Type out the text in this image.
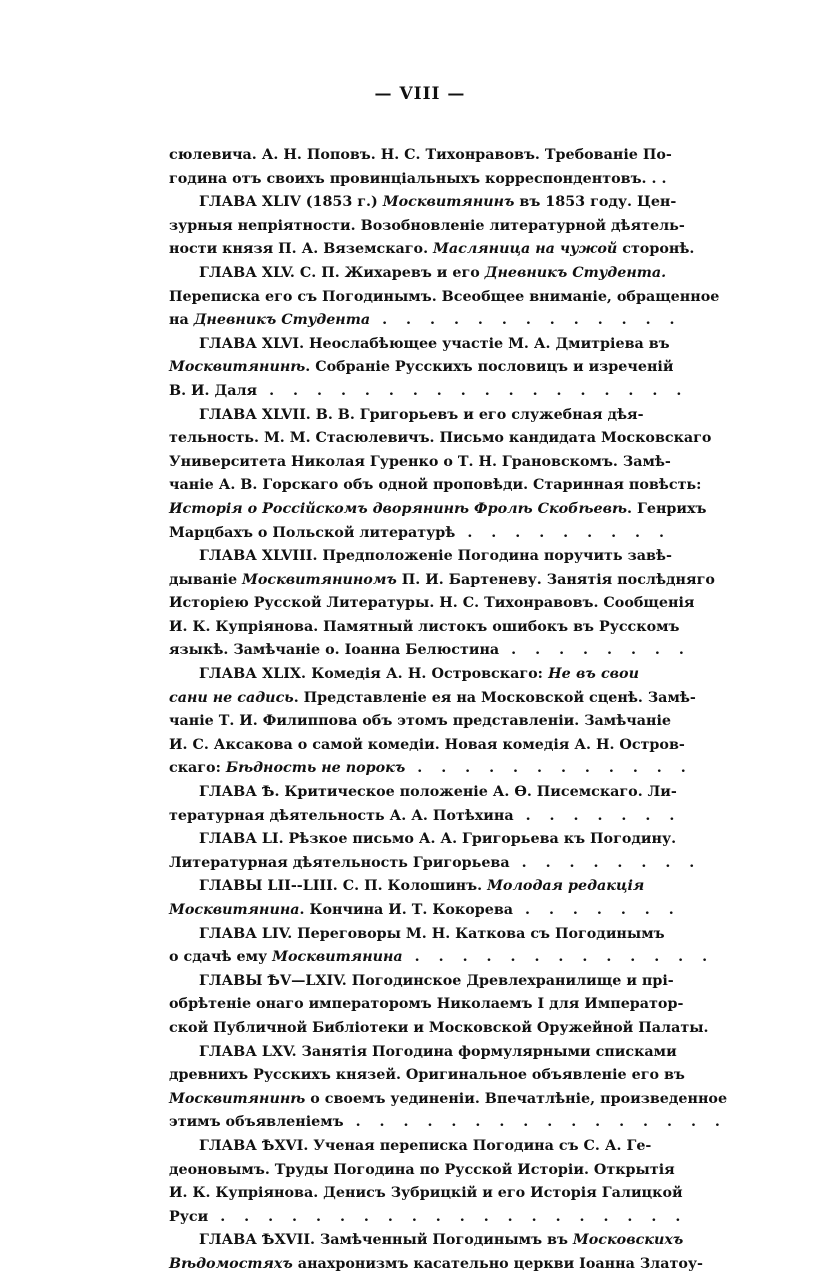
— VIII —
сюлевича. А. Н. Поповъ. Н. С. Тихонравовъ. Требованіе По-
година отъ своихъ провинціальныхъ корреспондентовъ. . .
ГЛАВА XLIV (1853 г.) Москвитянинъ въ 1853 году. Цен-
зурныя непріятности. Возобновленіе литературной дѣятель-
ности князя П. А. Вяземскаго. Масляница на чужой сторонѣ.
ГЛАВА XLV. С. П. Жихаревъ и его Дневникъ Студента.
Переписка его съ Погодинымъ. Всеобщее вниманіе, обращенное
на Дневникъ Студента . . . . . . . . . . . . .
ГЛАВА XLVI. Неослабѣющее участіе М. А. Дмитріева въ
Москвитянинѣ. Собраніе Русскихъ пословицъ и изреченій
В. И. Даля . . . . . . . . . . . . . . . . . .
ГЛАВА XLVII. В. В. Григорьевъ и его служебная дѣя-
тельность. М. М. Стасюлевичъ. Письмо кандидата Московскаго
Университета Николая Гуренко о Т. Н. Грановскомъ. Замѣ-
чаніе А. В. Горскаго объ одной проповѣди. Старинная повѣсть:
Исторія о Россійскомъ дворянинѣ Фролѣ Скобѣевѣ. Генрихъ
Марцбахъ о Польской литературѣ . . . . . . . . .
ГЛАВА XLVIII. Предположеніе Погодина поручить завѣ-
дываніе Москвитяниномъ П. И. Бартеневу. Занятія послѣдняго
Исторіею Русской Литературы. Н. С. Тихонравовъ. Сообщенія
И. К. Купріянова. Памятный листокъ ошибокъ въ Русскомъ
языкѣ. Замѣчаніе о. Іоанна Белюстина . . . . . . . .
ГЛАВА XLIX. Комедія А. Н. Островскаго: Не въ свои
сани не садись. Представленіе ея на Московской сценѣ. Замѣ-
чаніе Т. И. Филиппова объ этомъ представленіи. Замѣчаніе
И. С. Аксакова о самой комедіи. Новая комедія А. Н. Остров-
скаго: Бѣдность не порокъ . . . . . . . . . . . .
ГЛАВА Ѣ. Критическое положеніе А. Ѳ. Писемскаго. Ли-
тературная дѣятельность А. А. Потѣхина . . . . . . .
ГЛАВА LI. Рѣзкое письмо А. А. Григорьева къ Погодину.
Литературная дѣятельность Григорьева . . . . . . . .
ГЛАВЫ LII--LIII. С. П. Колошинъ. Молодая редакція
Москвитянина. Кончина И. Т. Кокорева . . . . . . .
ГЛАВА LIV. Переговоры М. Н. Каткова съ Погодинымъ
о сдачѣ ему Москвитянина . . . . . . . . . . . . .
ГЛАВЫ ѢV—LXIV. Погодинское Древлехранилище и прі-
обрѣтеніе онаго императоромъ Николаемъ I для Император-
ской Публичной Библіотеки и Московской Оружейной Палаты.
ГЛАВА LXV. Занятія Погодина формулярными списками
древнихъ Русскихъ князей. Оригинальное объявленіе его въ
Москвитянинѣ о своемъ уединеніи. Впечатлѣніе, произведенное
этимъ объявленіемъ . . . . . . . . . . . . . . . .
ГЛАВА ѢXVI. Ученая переписка Погодина съ С. А. Ге-
деоновымъ. Труды Погодина по Русской Исторіи. Открытія
И. К. Купріянова. Денисъ Зубрицкій и его Исторія Галицкой
Руси . . . . . . . . . . . . . . . . . . . .
ГЛАВА ѢXVII. Замѣченный Погодинымъ въ Московскихъ
Вѣдомостяхъ анахронизмъ касательно церкви Іоанна Златоу-
